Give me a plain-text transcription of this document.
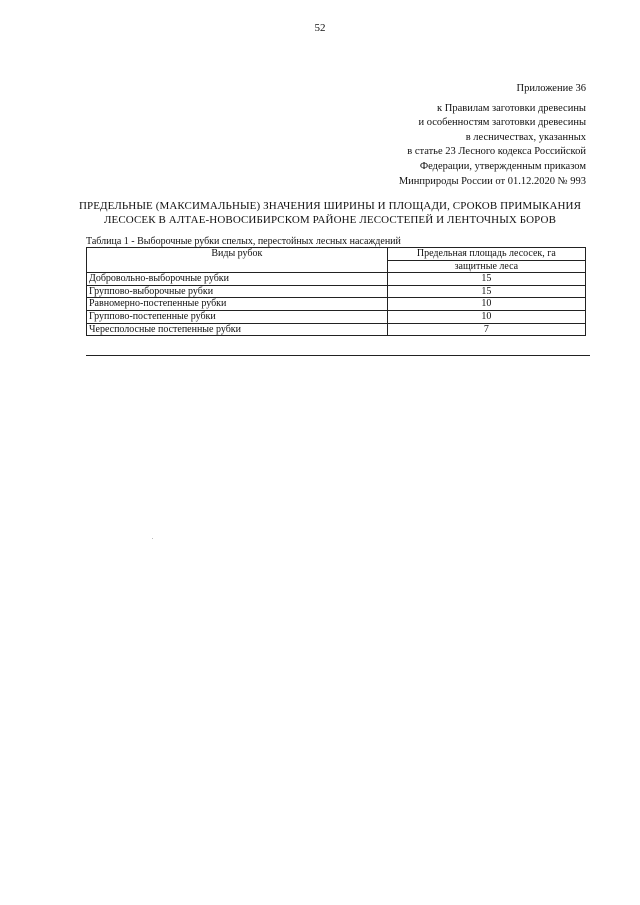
52
Приложение 36
к Правилам заготовки древесины
и особенностям заготовки древесины
в лесничествах, указанных
в статье 23 Лесного кодекса Российской
Федерации, утвержденным приказом
Минприроды России от 01.12.2020 № 993
ПРЕДЕЛЬНЫЕ (МАКСИМАЛЬНЫЕ) ЗНАЧЕНИЯ ШИРИНЫ И ПЛОЩАДИ, СРОКОВ ПРИМЫКАНИЯ
ЛЕСОСЕК В АЛТАЕ-НОВОСИБИРСКОМ РАЙОНЕ ЛЕСОСТЕПЕЙ И ЛЕНТОЧНЫХ БОРОВ
Таблица 1 - Выборочные рубки спелых, перестойных лесных насаждений
Виды рубок	Предельная площадь лесосек, га
	защитные леса
Добровольно-выборочные рубки	15
Группово-выборочные рубки	15
Равномерно-постепенные рубки	10
Группово-постепенные рубки	10
Чересполосные постепенные рубки	7
